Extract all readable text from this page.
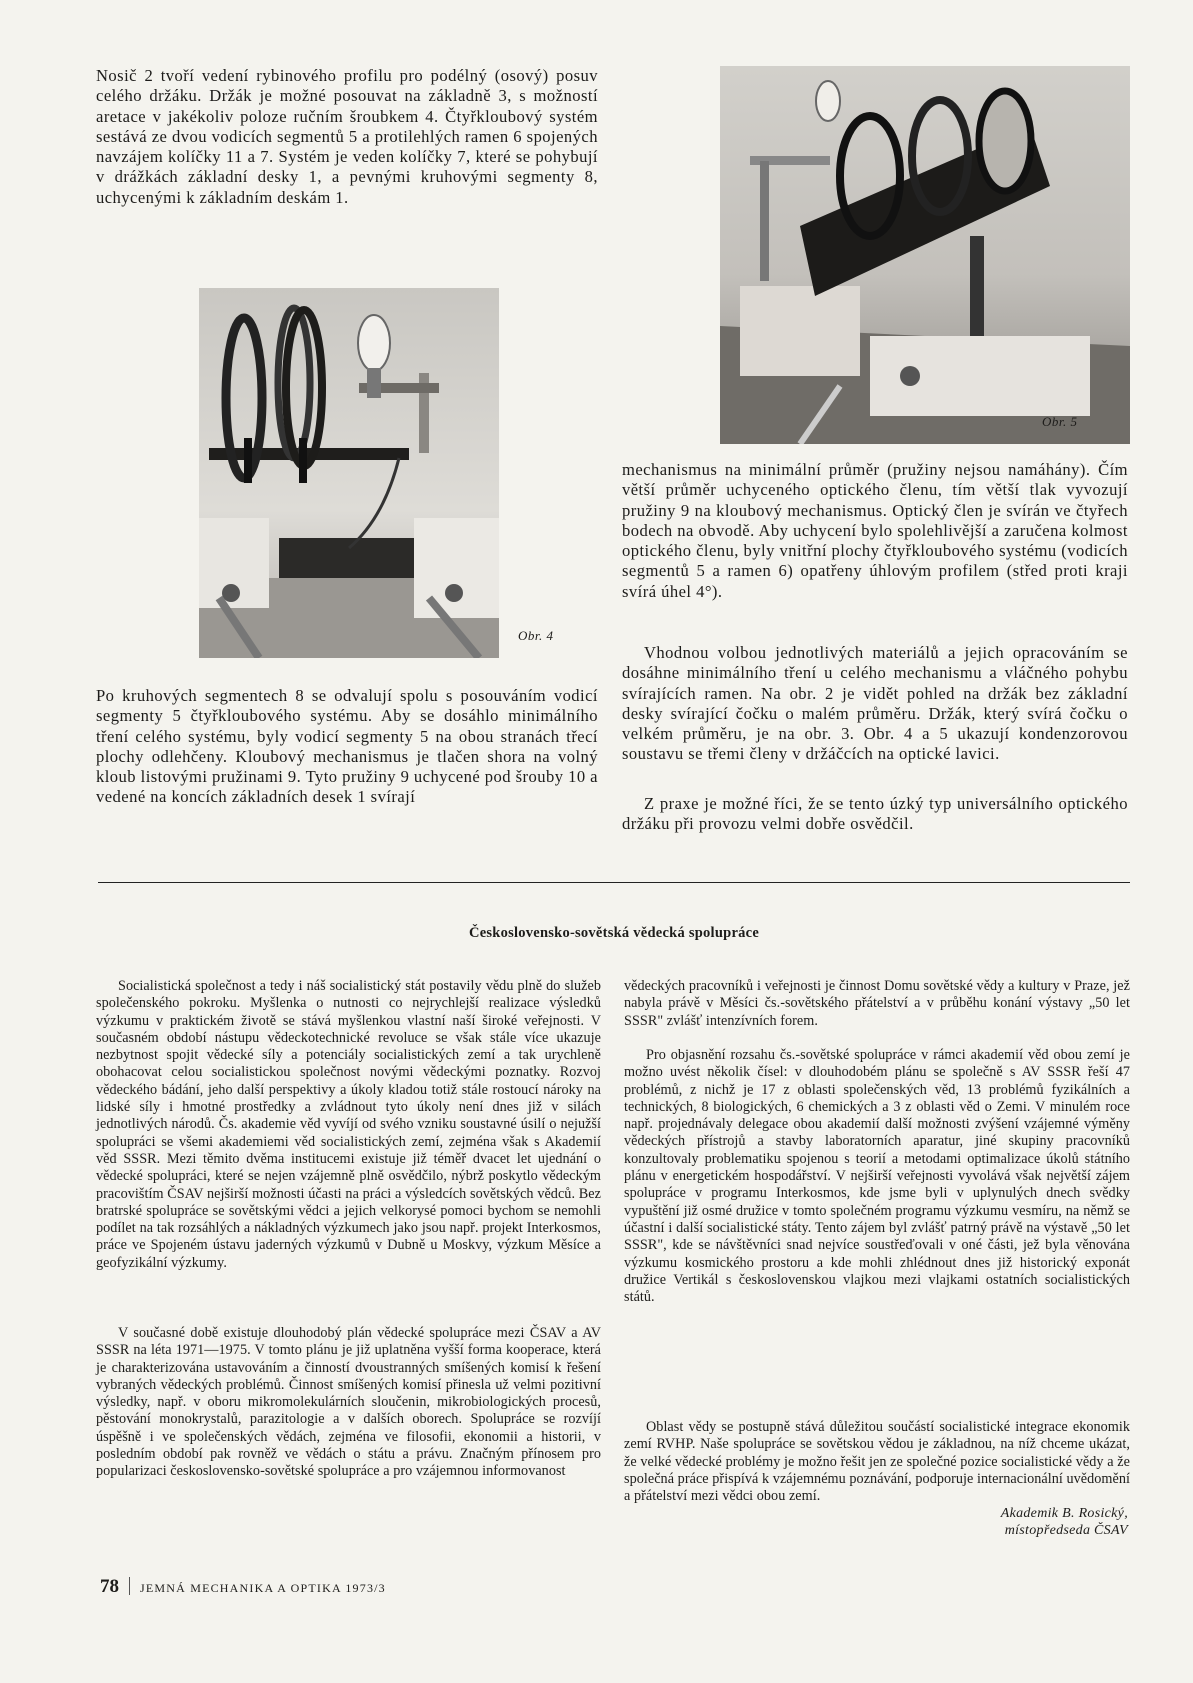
Nosič 2 tvoří vedení rybinového profilu pro podélný (osový) posuv celého držáku. Držák je možné posouvat na základně 3, s možností aretace v jakékoliv poloze ručním šroubkem 4. Čtyřkloubový systém sestává ze dvou vodicích segmentů 5 a protilehlých ramen 6 spojených navzájem kolíčky 11 a 7. Systém je veden kolíčky 7, které se pohybují v drážkách základní desky 1, a pevnými kruhovými segmenty 8, uchycenými k základním deskám 1.

Obr. 4
Obr. 5

Po kruhových segmentech 8 se odvalují spolu s posouváním vodicí segmenty 5 čtyřkloubového systému. Aby se dosáhlo minimálního tření celého systému, byly vodicí segmenty 5 na obou stranách třecí plochy odlehčeny. Kloubový mechanismus je tlačen shora na volný kloub listovými pružinami 9. Tyto pružiny 9 uchycené pod šrouby 10 a vedené na koncích základních desek 1 svírají

mechanismus na minimální průměr (pružiny nejsou namáhány). Čím větší průměr uchyceného optického členu, tím větší tlak vyvozují pružiny 9 na kloubový mechanismus. Optický člen je svírán ve čtyřech bodech na obvodě. Aby uchycení bylo spolehlivější a zaručena kolmost optického členu, byly vnitřní plochy čtyřkloubového systému (vodicích segmentů 5 a ramen 6) opatřeny úhlovým profilem (střed proti kraji svírá úhel 4°).

Vhodnou volbou jednotlivých materiálů a jejich opracováním se dosáhne minimálního tření u celého mechanismu a vláčného pohybu svírajících ramen. Na obr. 2 je vidět pohled na držák bez základní desky svírající čočku o malém průměru. Držák, který svírá čočku o velkém průměru, je na obr. 3. Obr. 4 a 5 ukazují kondenzorovou soustavu se třemi členy v držáčcích na optické lavici.

Z praxe je možné říci, že se tento úzký typ universálního optického držáku při provozu velmi dobře osvědčil.

Československo-sovětská vědecká spolupráce

Socialistická společnost a tedy i náš socialistický stát postavily vědu plně do služeb společenského pokroku. Myšlenka o nutnosti co nejrychlejší realizace výsledků výzkumu v praktickém životě se stává myšlenkou vlastní naší široké veřejnosti. V současném období nástupu vědeckotechnické revoluce se však stále více ukazuje nezbytnost spojit vědecké síly a potenciály socialistických zemí a tak urychleně obohacovat celou socialistickou společnost novými vědeckými poznatky. Rozvoj vědeckého bádání, jeho další perspektivy a úkoly kladou totiž stále rostoucí nároky na lidské síly i hmotné prostředky a zvládnout tyto úkoly není dnes již v silách jednotlivých národů. Čs. akademie věd vyvíjí od svého vzniku soustavné úsilí o nejužší spolupráci se všemi akademiemi věd socialistických zemí, zejména však s Akademií věd SSSR. Mezi těmito dvěma institucemi existuje již téměř dvacet let ujednání o vědecké spolupráci, které se nejen vzájemně plně osvědčilo, nýbrž poskytlo vědeckým pracovištím ČSAV nejširší možnosti účasti na práci a výsledcích sovětských vědců. Bez bratrské spolupráce se sovětskými vědci a jejich velkorysé pomoci bychom se nemohli podílet na tak rozsáhlých a nákladných výzkumech jako jsou např. projekt Interkosmos, práce ve Spojeném ústavu jaderných výzkumů v Dubně u Moskvy, výzkum Měsíce a geofyzikální výzkumy.

V současné době existuje dlouhodobý plán vědecké spolupráce mezi ČSAV a AV SSSR na léta 1971—1975. V tomto plánu je již uplatněna vyšší forma kooperace, která je charakterizována ustavováním a činností dvoustranných smíšených komisí k řešení vybraných vědeckých problémů. Činnost smíšených komisí přinesla už velmi pozitivní výsledky, např. v oboru mikromolekulárních sloučenin, mikrobiologických procesů, pěstování monokrystalů, parazitologie a v dalších oborech. Spolupráce se rozvíjí úspěšně i ve společenských vědách, zejména ve filosofii, ekonomii a historii, v posledním období pak rovněž ve vědách o státu a právu. Značným přínosem pro popularizaci československo-sovětské spolupráce a pro vzájemnou informovanost

vědeckých pracovníků i veřejnosti je činnost Domu sovětské vědy a kultury v Praze, jež nabyla právě v Měsíci čs.-sovětského přátelství a v průběhu konání výstavy „50 let SSSR" zvlášť intenzívních forem.

Pro objasnění rozsahu čs.-sovětské spolupráce v rámci akademií věd obou zemí je možno uvést několik čísel: v dlouhodobém plánu se společně s AV SSSR řeší 47 problémů, z nichž je 17 z oblasti společenských věd, 13 problémů fyzikálních a technických, 8 biologických, 6 chemických a 3 z oblasti věd o Zemi. V minulém roce např. projednávaly delegace obou akademií další možnosti zvýšení vzájemné výměny vědeckých přístrojů a stavby laboratorních aparatur, jiné skupiny pracovníků konzultovaly problematiku spojenou s teorií a metodami optimalizace úkolů státního plánu v energetickém hospodářství. V nejširší veřejnosti vyvolává však největší zájem spolupráce v programu Interkosmos, kde jsme byli v uplynulých dnech svědky vypuštění již osmé družice v tomto společném programu výzkumu vesmíru, na němž se účastní i další socialistické státy. Tento zájem byl zvlášť patrný právě na výstavě „50 let SSSR", kde se návštěvníci snad nejvíce soustřeďovali v oné části, jež byla věnována výzkumu kosmického prostoru a kde mohli zhlédnout dnes již historický exponát družice Vertikál s československou vlajkou mezi vlajkami ostatních socialistických států.

Oblast vědy se postupně stává důležitou součástí socialistické integrace ekonomik zemí RVHP. Naše spolupráce se sovětskou vědou je základnou, na níž chceme ukázat, že velké vědecké problémy je možno řešit jen ze společné pozice socialistické vědy a že společná práce přispívá k vzájemnému poznávání, podporuje internacionální uvědomění a přátelství mezi vědci obou zemí.

Akademik B. Rosický,
místopředseda ČSAV
78 JEMNÁ MECHANIKA A OPTIKA 1973/3
